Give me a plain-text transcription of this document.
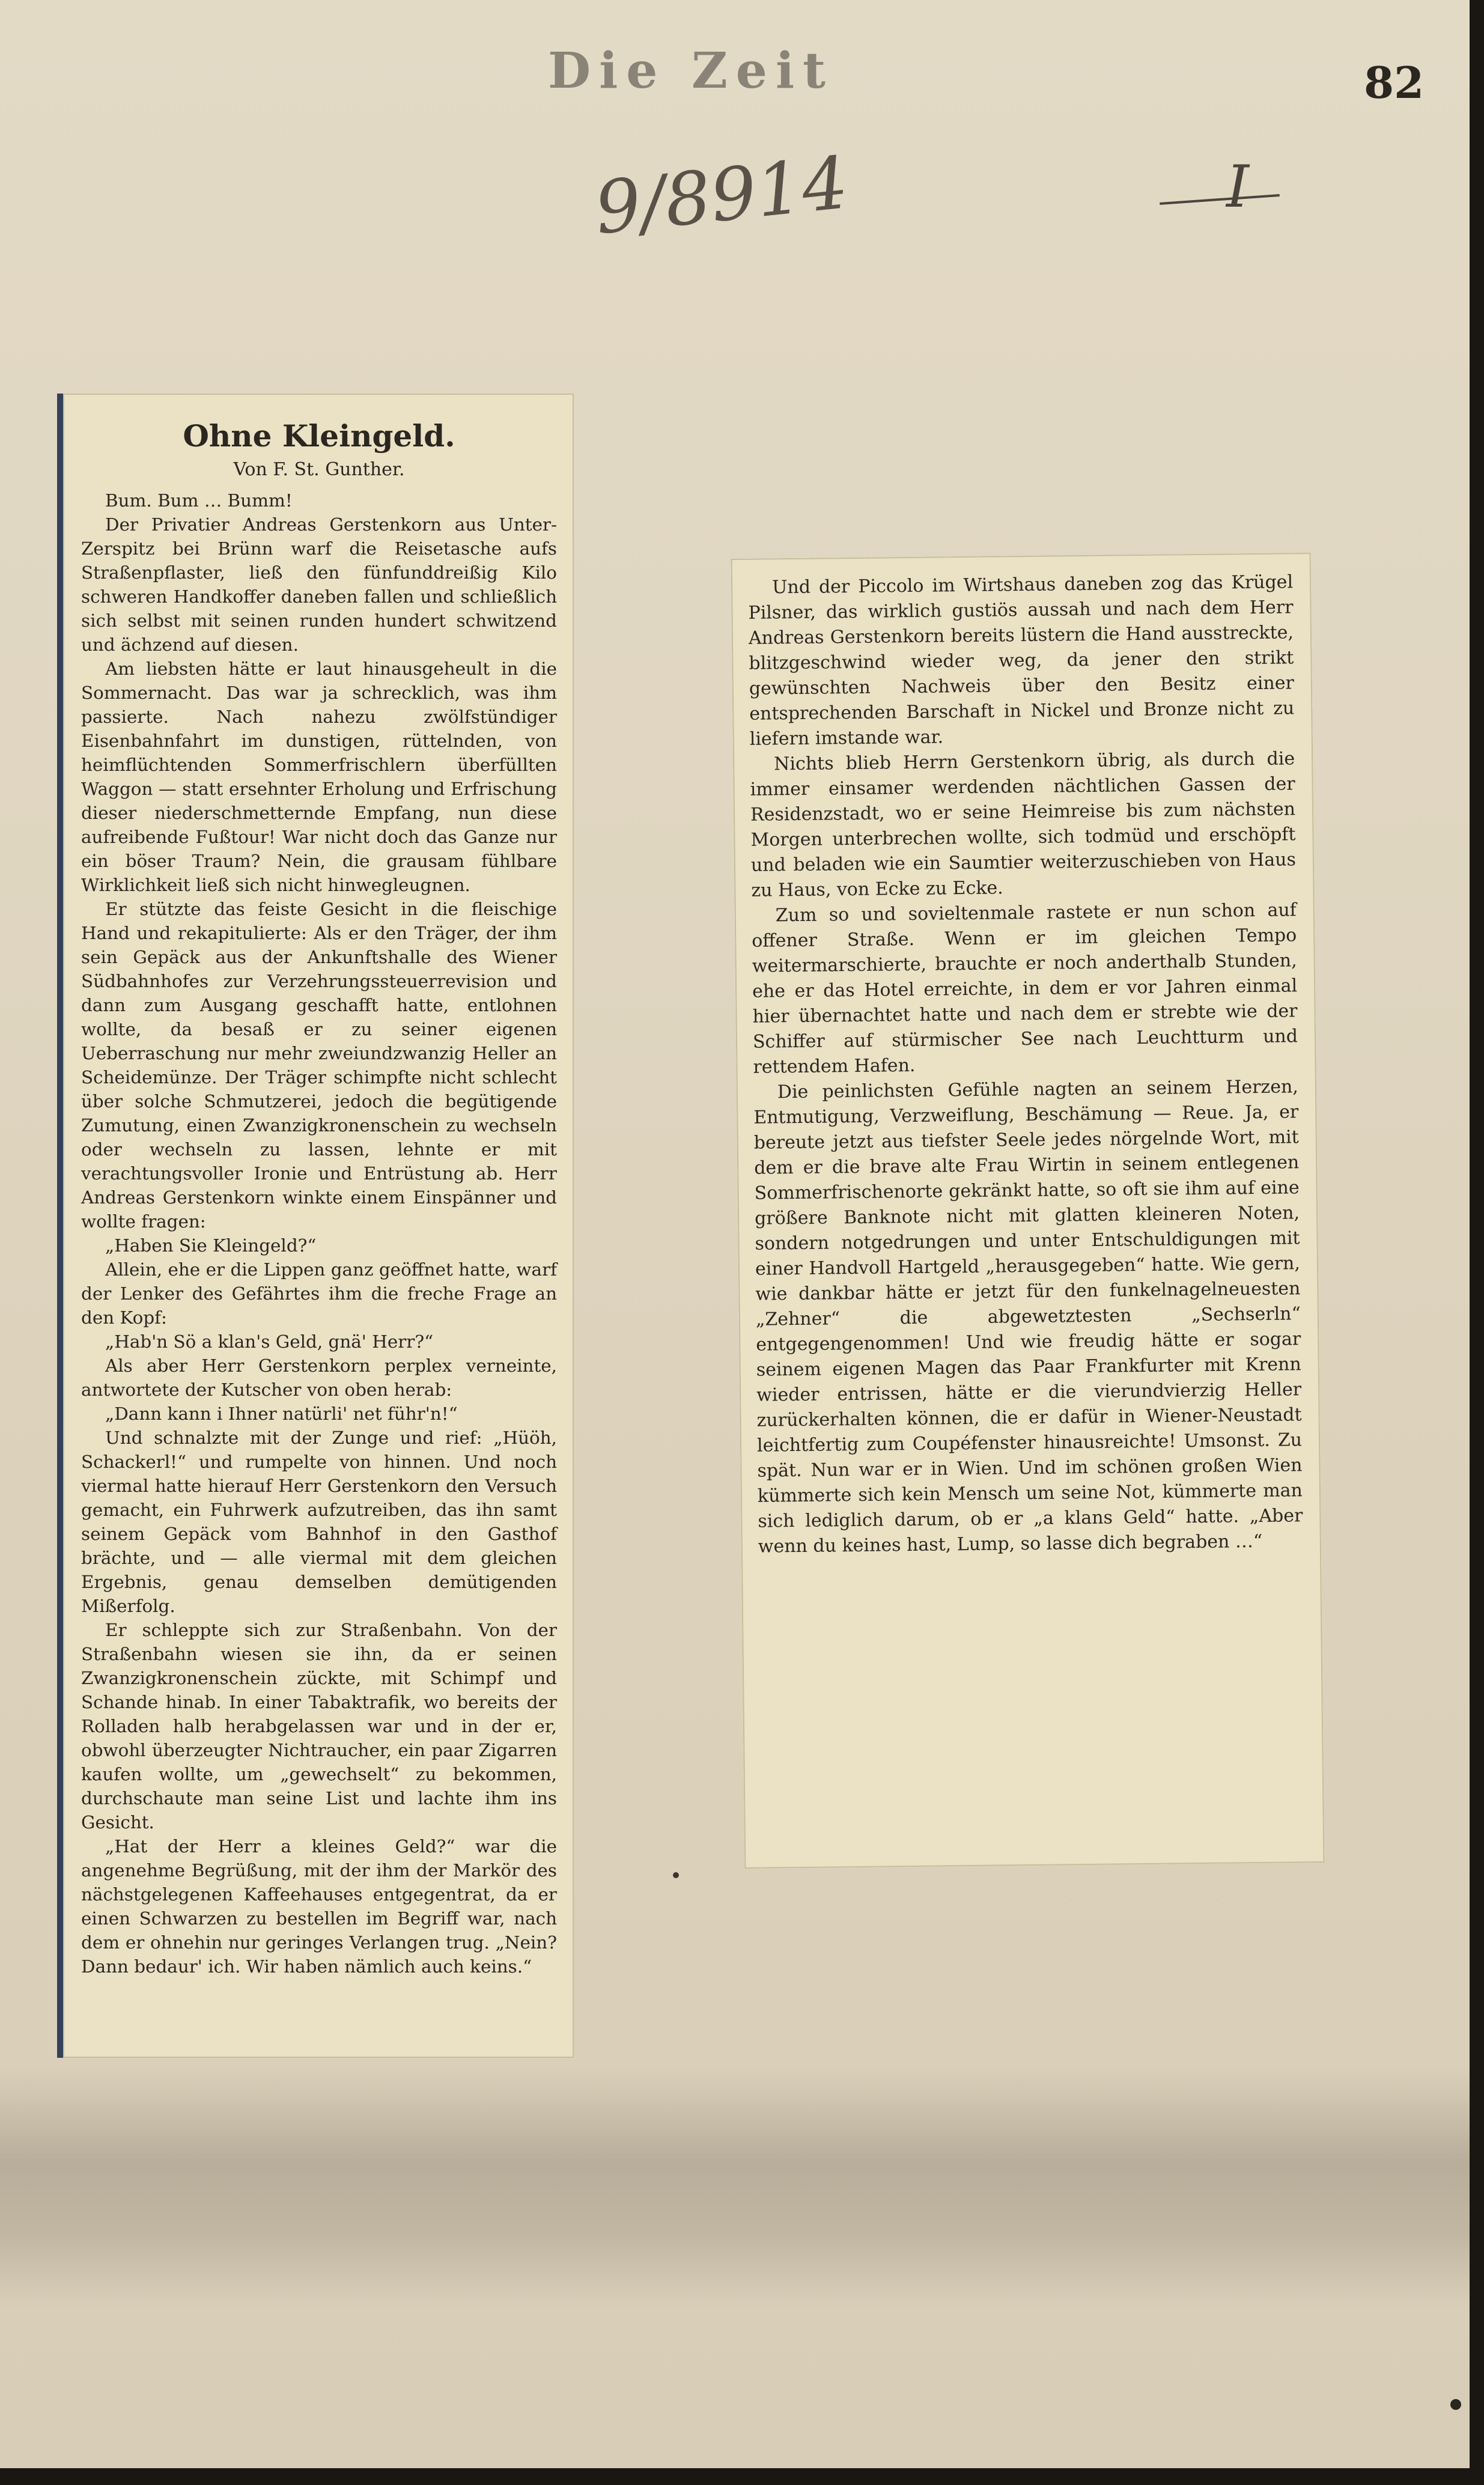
Die Zeit	82
9/8914	I
Ohne Kleingeld.
Von F. St. Gunther.

Bum. Bum … Bumm!

Der Privatier Andreas Gerstenkorn aus Unter-Zerspitz bei Brünn warf die Reisetasche aufs Straßenpflaster, ließ den fünfunddreißig Kilo schweren Handkoffer daneben fallen und schließlich sich selbst mit seinen runden hundert schwitzend und ächzend auf diesen.

Am liebsten hätte er laut hinausgeheult in die Sommernacht. Das war ja schrecklich, was ihm passierte. Nach nahezu zwölfstündiger Eisenbahnfahrt im dunstigen, rüttelnden, von heimflüchtenden Sommerfrischlern überfüllten Waggon — statt ersehnter Erholung und Erfrischung dieser niederschmetternde Empfang, nun diese aufreibende Fußtour! War nicht doch das Ganze nur ein böser Traum? Nein, die grausam fühlbare Wirklichkeit ließ sich nicht hinwegleugnen.

Er stützte das feiste Gesicht in die fleischige Hand und rekapitulierte: Als er den Träger, der ihm sein Gepäck aus der Ankunftshalle des Wiener Südbahnhofes zur Verzehrungssteuerrevision und dann zum Ausgang geschafft hatte, entlohnen wollte, da besaß er zu seiner eigenen Ueberraschung nur mehr zweiundzwanzig Heller an Scheidemünze. Der Träger schimpfte nicht schlecht über solche Schmutzerei, jedoch die begütigende Zumutung, einen Zwanzigkronenschein zu wechseln oder wechseln zu lassen, lehnte er mit verachtungsvoller Ironie und Entrüstung ab. Herr Andreas Gerstenkorn winkte einem Einspänner und wollte fragen:

„Haben Sie Kleingeld?“

Allein, ehe er die Lippen ganz geöffnet hatte, warf der Lenker des Gefährtes ihm die freche Frage an den Kopf:

„Hab'n Sö a klan's Geld, gnä' Herr?“

Als aber Herr Gerstenkorn perplex verneinte, antwortete der Kutscher von oben herab:

„Dann kann i Ihner natürli' net führ'n!“

Und schnalzte mit der Zunge und rief: „Hüöh, Schackerl!“ und rumpelte von hinnen. Und noch viermal hatte hierauf Herr Gerstenkorn den Versuch gemacht, ein Fuhrwerk aufzutreiben, das ihn samt seinem Gepäck vom Bahnhof in den Gasthof brächte, und — alle viermal mit dem gleichen Ergebnis, genau demselben demütigenden Mißerfolg.

Er schleppte sich zur Straßenbahn. Von der Straßenbahn wiesen sie ihn, da er seinen Zwanzigkronenschein zückte, mit Schimpf und Schande hinab. In einer Tabaktrafik, wo bereits der Rolladen halb herabgelassen war und in der er, obwohl überzeugter Nichtraucher, ein paar Zigarren kaufen wollte, um „gewechselt“ zu bekommen, durchschaute man seine List und lachte ihm ins Gesicht.

„Hat der Herr a kleines Geld?“ war die angenehme Begrüßung, mit der ihm der Markör des nächstgelegenen Kaffeehauses entgegentrat, da er einen Schwarzen zu bestellen im Begriff war, nach dem er ohnehin nur geringes Verlangen trug. „Nein? Dann bedaur' ich. Wir haben nämlich auch keins.“

Und der Piccolo im Wirtshaus daneben zog das Krügel Pilsner, das wirklich gustiös aussah und nach dem Herr Andreas Gerstenkorn bereits lüstern die Hand ausstreckte, blitzgeschwind wieder weg, da jener den strikt gewünschten Nachweis über den Besitz einer entsprechenden Barschaft in Nickel und Bronze nicht zu liefern imstande war.

Nichts blieb Herrn Gerstenkorn übrig, als durch die immer einsamer werdenden nächtlichen Gassen der Residenzstadt, wo er seine Heimreise bis zum nächsten Morgen unterbrechen wollte, sich todmüd und erschöpft und beladen wie ein Saumtier weiterzuschieben von Haus zu Haus, von Ecke zu Ecke.

Zum so und sovieltenmale rastete er nun schon auf offener Straße. Wenn er im gleichen Tempo weitermarschierte, brauchte er noch anderthalb Stunden, ehe er das Hotel erreichte, in dem er vor Jahren einmal hier übernachtet hatte und nach dem er strebte wie der Schiffer auf stürmischer See nach Leuchtturm und rettendem Hafen.

Die peinlichsten Gefühle nagten an seinem Herzen, Entmutigung, Verzweiflung, Beschämung — Reue. Ja, er bereute jetzt aus tiefster Seele jedes nörgelnde Wort, mit dem er die brave alte Frau Wirtin in seinem entlegenen Sommerfrischenorte gekränkt hatte, so oft sie ihm auf eine größere Banknote nicht mit glatten kleineren Noten, sondern notgedrungen und unter Entschuldigungen mit einer Handvoll Hartgeld „herausgegeben“ hatte. Wie gern, wie dankbar hätte er jetzt für den funkelnagelneuesten „Zehner“ die abgewetztesten „Sechserln“ entgegengenommen! Und wie freudig hätte er sogar seinem eigenen Magen das Paar Frankfurter mit Krenn wieder entrissen, hätte er die vierundvierzig Heller zurückerhalten können, die er dafür in Wiener-Neustadt leichtfertig zum Coupéfenster hinausreichte! Umsonst. Zu spät. Nun war er in Wien. Und im schönen großen Wien kümmerte sich kein Mensch um seine Not, kümmerte man sich lediglich darum, ob er „a klans Geld“ hatte. „Aber wenn du keines hast, Lump, so lasse dich begraben …“
